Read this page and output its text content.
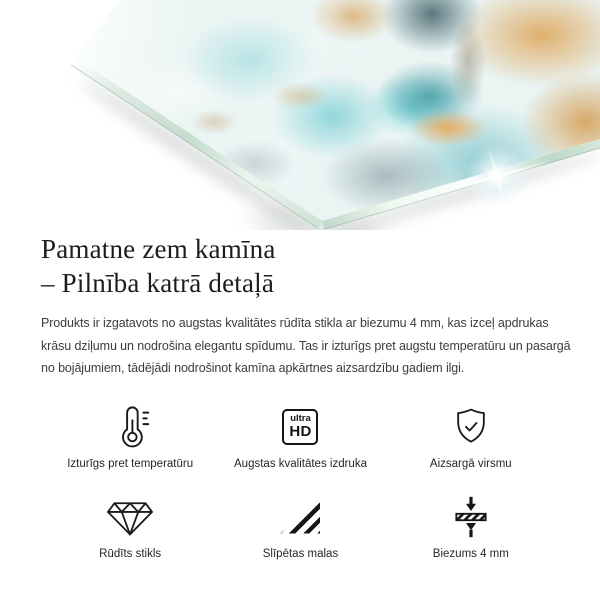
Pamatne zem kamīna
– Pilnība katrā detaļā

Produkts ir izgatavots no augstas kvalitātes rūdīta stikla ar biezumu 4 mm, kas izceļ apdrukas
krāsu dziļumu un nodrošina elegantu spīdumu. Tas ir izturīgs pret augstu temperatūru un pasargā
no bojājumiem, tādējādi nodrošinot kamīna apkārtnes aizsardzību gadiem ilgi.

Izturīgs pret temperatūru
ultra
HD
Augstas kvalitātes izdruka	Aizsargā virsmu
Rūdīts stikls	Slīpētas malas	Biezums 4 mm
